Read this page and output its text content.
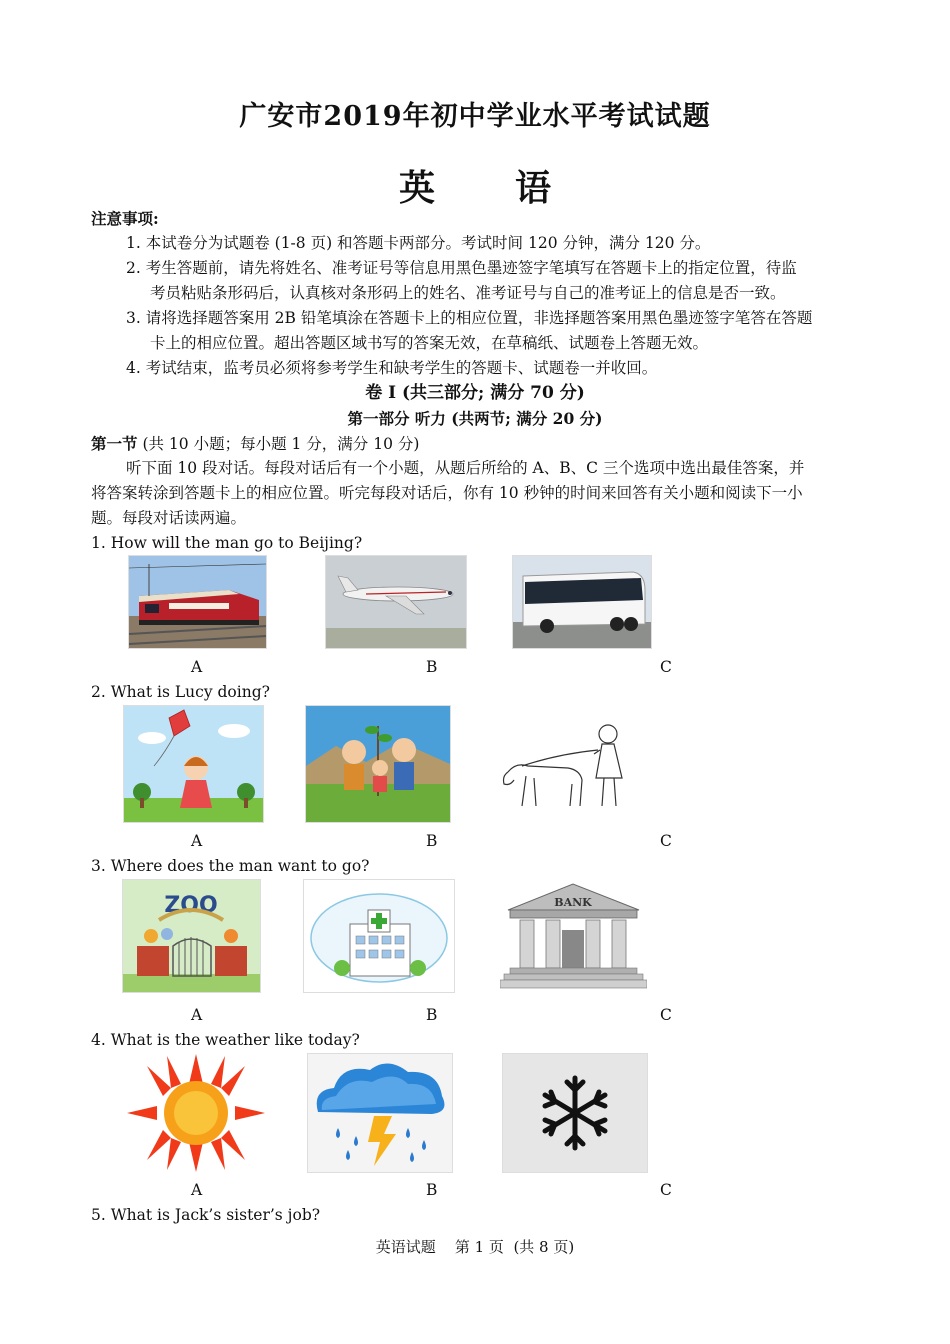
广安市2019年初中学业水平考试试题
英 语
注意事项:
1. 本试卷分为试题卷 (1-8 页) 和答题卡两部分。考试时间 120 分钟，满分 120 分。
2. 考生答题前，请先将姓名、准考证号等信息用黑色墨迹签字笔填写在答题卡上的指定位置，待监
考员粘贴条形码后，认真核对条形码上的姓名、准考证号与自己的准考证上的信息是否一致。
3. 请将选择题答案用 2B 铅笔填涂在答题卡上的相应位置，非选择题答案用黑色墨迹签字笔答在答题
卡上的相应位置。超出答题区域书写的答案无效，在草稿纸、试题卷上答题无效。
4. 考试结束，监考员必须将参考学生和缺考学生的答题卡、试题卷一并收回。
卷 I (共三部分; 满分 70 分)
第一部分 听力 (共两节; 满分 20 分)
第一节 (共 10 小题；每小题 1 分，满分 10 分)
听下面 10 段对话。每段对话后有一个小题，从题后所给的 A、B、C 三个选项中选出最佳答案，并
将答案转涂到答题卡上的相应位置。听完每段对话后，你有 10 秒钟的时间来回答有关小题和阅读下一小
题。每段对话读两遍。
1. How will the man go to Beijing?
A	B	C
2. What is Lucy doing?
A	B	C
3. Where does the man want to go?
ZOO	BANK
A	B	C
4. What is the weather like today?
A	B	C
5. What is Jack’s sister’s job?
英语试题    第 1 页  (共 8 页)
